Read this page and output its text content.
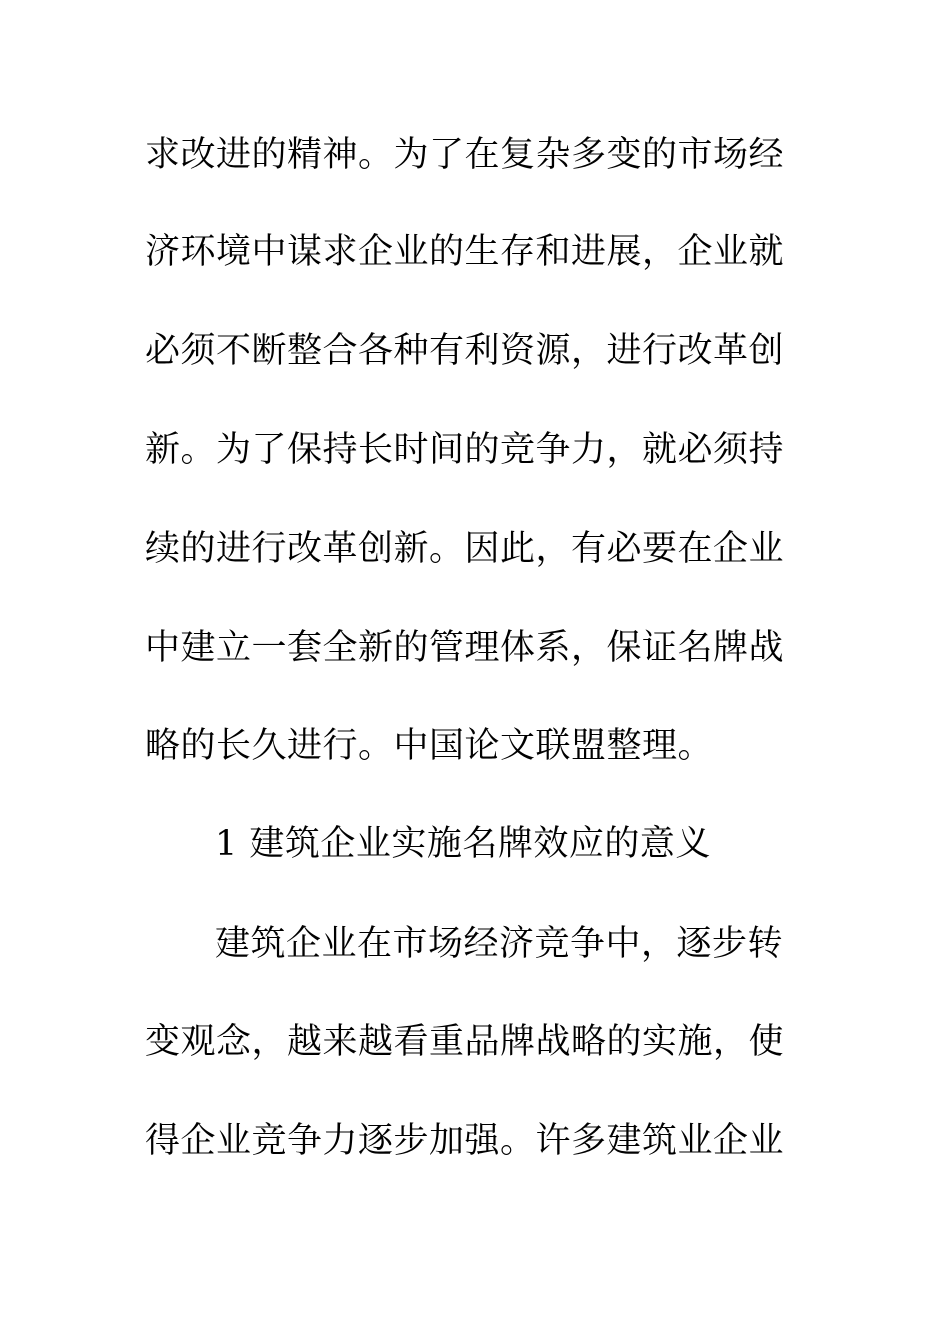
求改进的精神。为了在复杂多变的市场经
济环境中谋求企业的生存和进展，企业就
必须不断整合各种有利资源，进行改革创
新。为了保持长时间的竞争力，就必须持
续的进行改革创新。因此，有必要在企业
中建立一套全新的管理体系，保证名牌战
略的长久进行。中国论文联盟整理。
1 建筑企业实施名牌效应的意义
建筑企业在市场经济竞争中，逐步转
变观念，越来越看重品牌战略的实施，使
得企业竞争力逐步加强。许多建筑业企业
